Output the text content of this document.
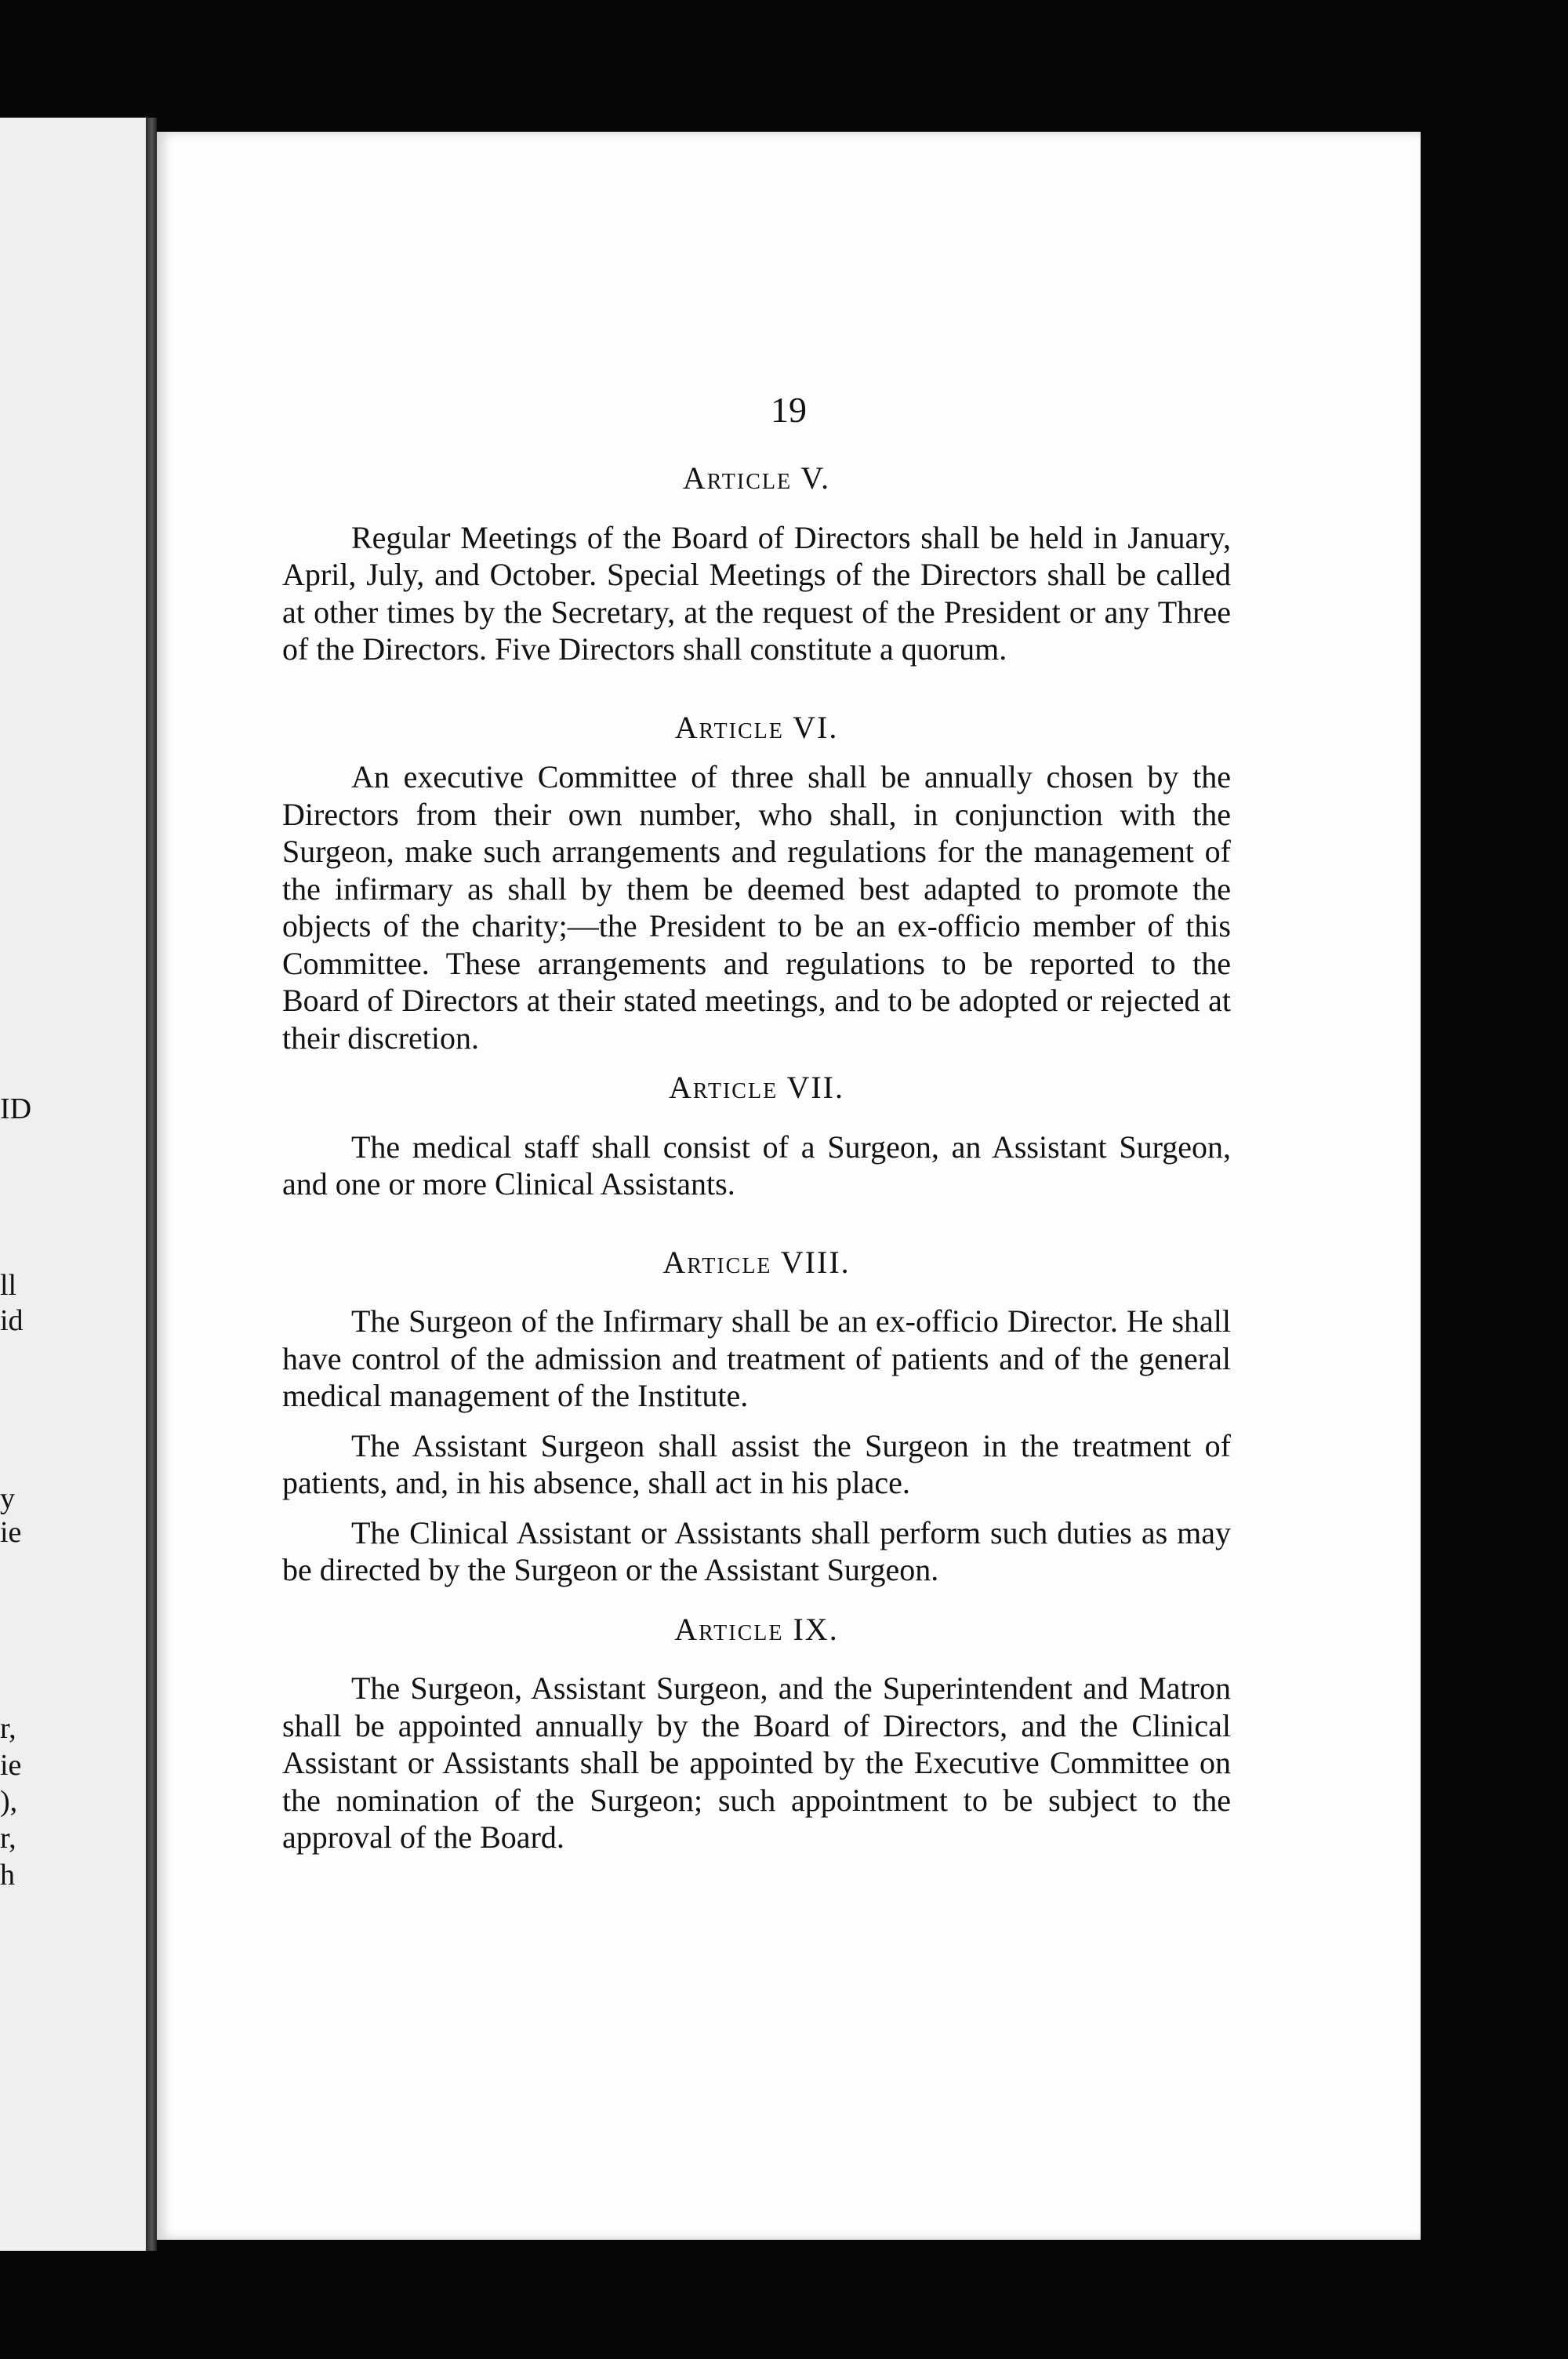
ID
ll
id
y
ie
r,
ie
),
r,
h
19

Article V.

Regular Meetings of the Board of Directors shall be held in January, April, July, and October. Special Meetings of the Directors shall be called at other times by the Secretary, at the request of the President or any Three of the Directors. Five Directors shall constitute a quorum.

Article VI.

An executive Committee of three shall be annually chosen by the Directors from their own number, who shall, in conjunction with the Surgeon, make such arrangements and regulations for the management of the infirmary as shall by them be deemed best adapted to promote the objects of the charity;—the President to be an ex-officio member of this Committee. These arrangements and regulations to be reported to the Board of Directors at their stated meetings, and to be adopted or rejected at their discretion.

Article VII.

The medical staff shall consist of a Surgeon, an Assistant Surgeon, and one or more Clinical Assistants.

Article VIII.

The Surgeon of the Infirmary shall be an ex-officio Director. He shall have control of the admission and treatment of patients and of the general medical management of the Institute.

The Assistant Surgeon shall assist the Surgeon in the treatment of patients, and, in his absence, shall act in his place.

The Clinical Assistant or Assistants shall perform such duties as may be directed by the Surgeon or the Assistant Surgeon.

Article IX.

The Surgeon, Assistant Surgeon, and the Superintendent and Matron shall be appointed annually by the Board of Directors, and the Clinical Assistant or Assistants shall be appointed by the Executive Committee on the nomination of the Surgeon; such appointment to be subject to the approval of the Board.
